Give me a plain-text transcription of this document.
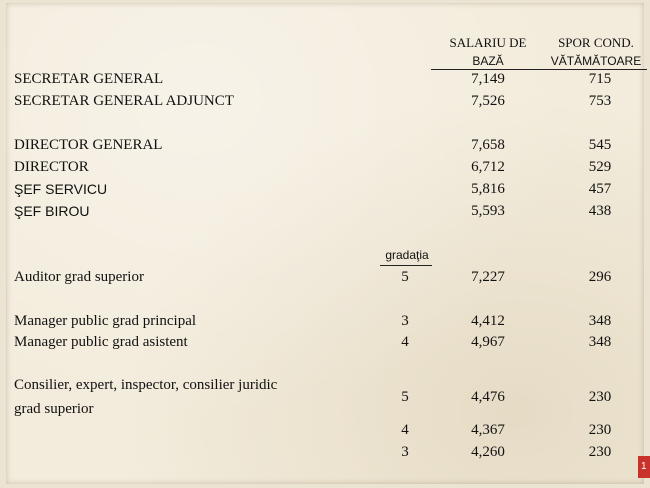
SALARIU DE
BAZĂ
SPOR COND.
VĂTĂMĂTOARE
SECRETAR GENERAL	7,149	715
SECRETAR GENERAL ADJUNCT	7,526	753
DIRECTOR GENERAL	7,658	545
DIRECTOR	6,712	529
ŞEF SERVICU	5,816	457
ŞEF BIROU	5,593	438
gradaţia
Auditor grad superior	5	7,227	296
Manager public grad principal	3	4,412	348
Manager public grad asistent	4	4,967	348
Consilier, expert, inspector, consilier juridic
grad superior
5	4,476	230
4	4,367	230
3	4,260	230
1
